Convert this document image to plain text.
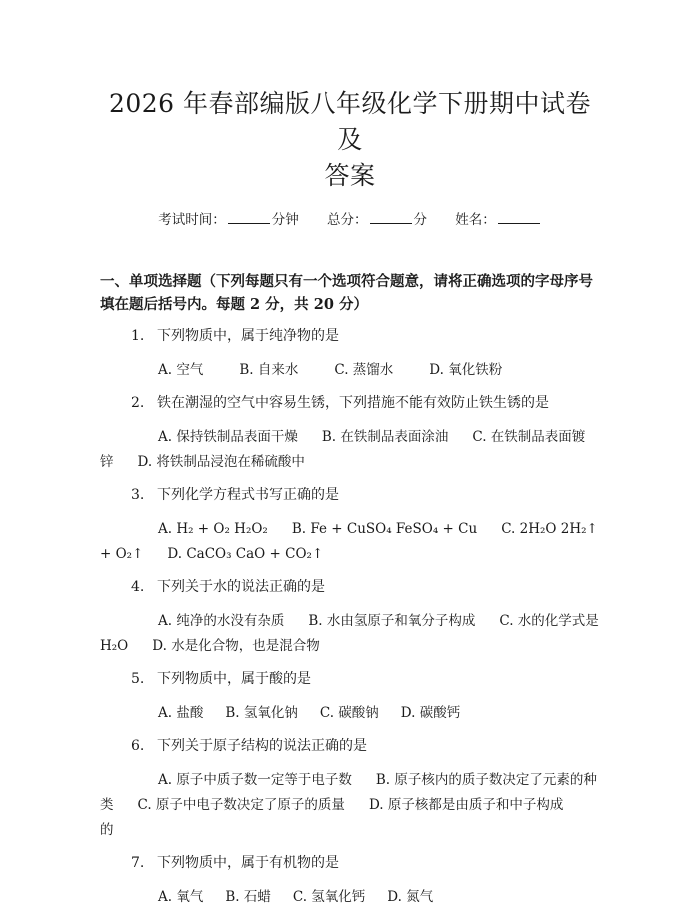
2026 年春部编版八年级化学下册期中试卷及
答案
考试时间：	分钟 总分：	分 姓名：
一、单项选择题（下列每题只有一个选项符合题意，请将正确选项的字母序号填在题后括号内。每题 2 分，共 20 分）
1. 下列物质中，属于纯净物的是
A. 空气	B. 自来水	C. 蒸馏水	D. 氧化铁粉
2. 铁在潮湿的空气中容易生锈，下列措施不能有效防止铁生锈的是
A. 保持铁制品表面干燥 B. 在铁制品表面涂油 C. 在铁制品表面镀锌 D. 将铁制品浸泡在稀硫酸中
3. 下列化学方程式书写正确的是
A. H₂ + O₂ H₂O₂ B. Fe + CuSO₄ FeSO₄ + Cu C. 2H₂O 2H₂↑ + O₂↑ D. CaCO₃ CaO + CO₂↑
4. 下列关于水的说法正确的是
A. 纯净的水没有杂质 B. 水由氢原子和氧分子构成 C. 水的化学式是 H₂O D. 水是化合物，也是混合物
5. 下列物质中，属于酸的是
A. 盐酸 B. 氢氧化钠 C. 碳酸钠 D. 碳酸钙
6. 下列关于原子结构的说法正确的是
A. 原子中质子数一定等于电子数 B. 原子核内的质子数决定了元素的种类 C. 原子中电子数决定了原子的质量 D. 原子核都是由质子和中子构成的
7. 下列物质中，属于有机物的是
A. 氧气 B. 石蜡 C. 氢氧化钙 D. 氮气
